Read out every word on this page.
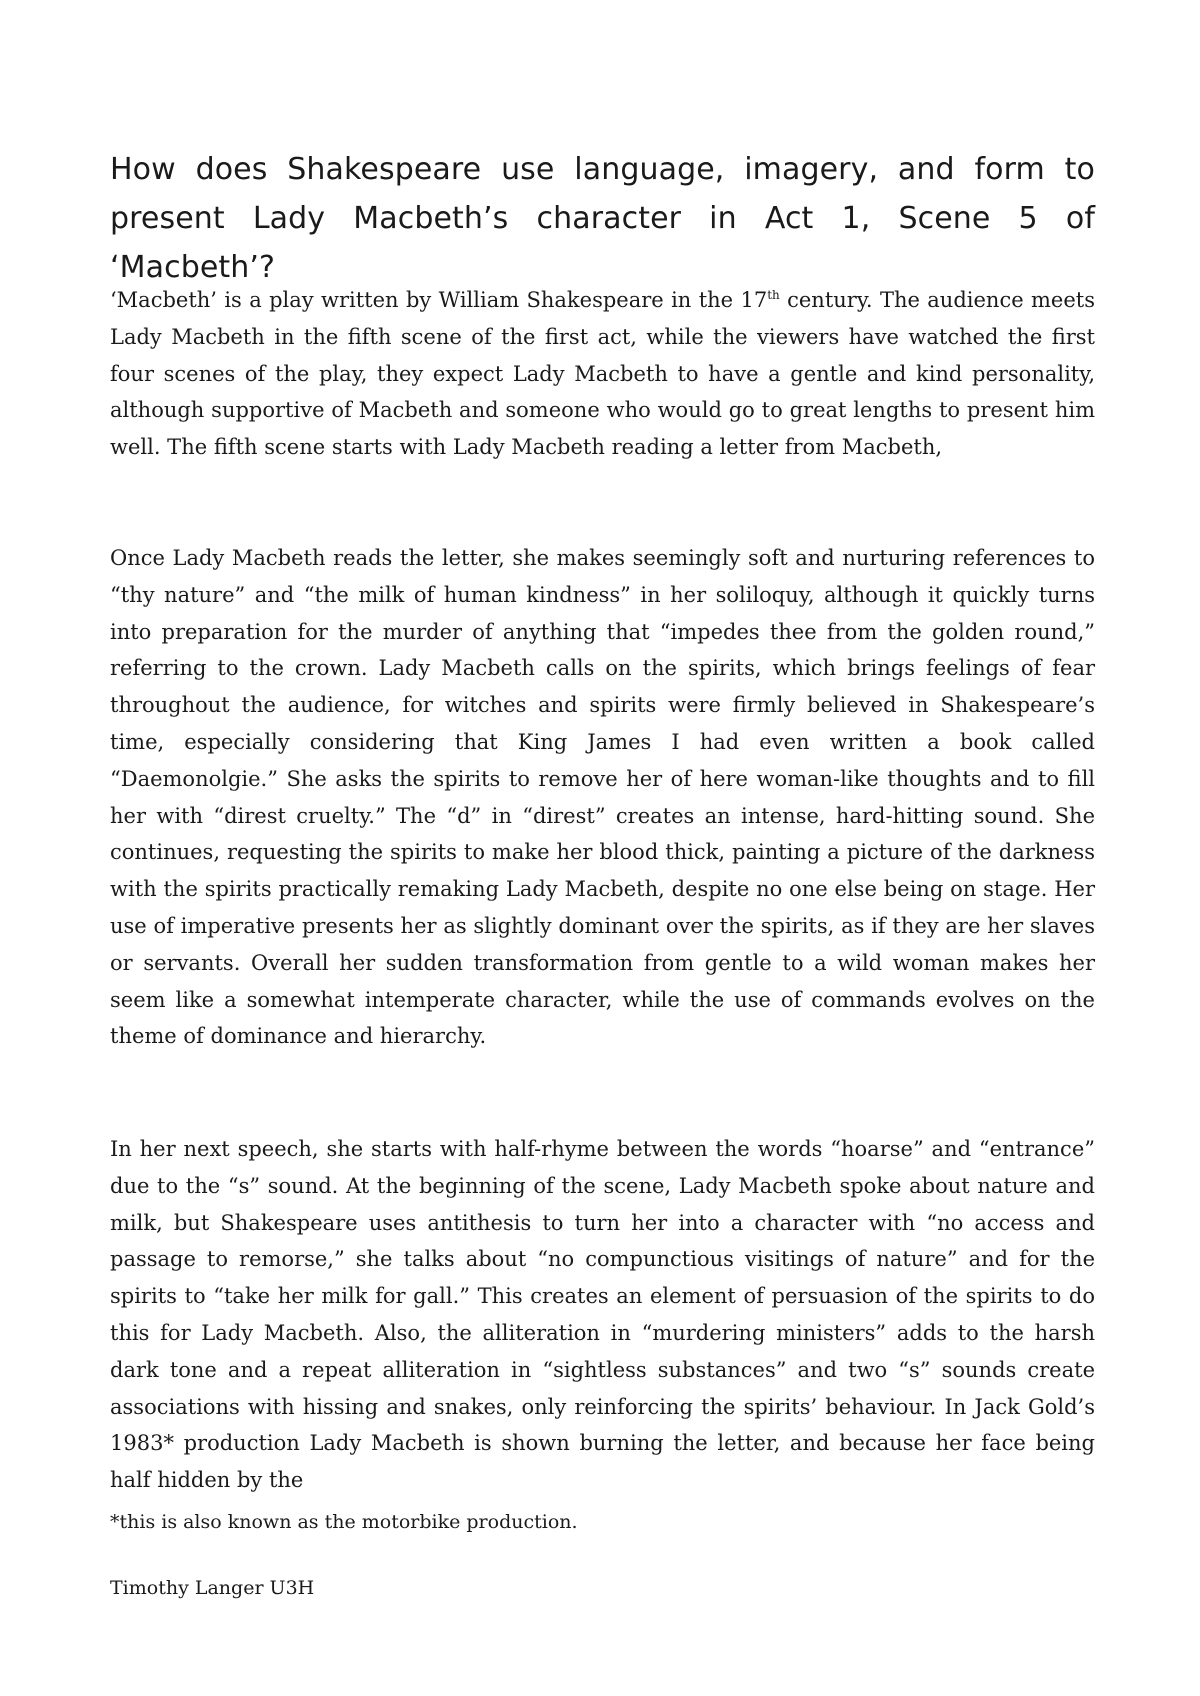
How does Shakespeare use language, imagery, and form to present Lady Macbeth’s character in Act 1, Scene 5 of ‘Macbeth’?

‘Macbeth’ is a play written by William Shakespeare in the 17th century. The audience meets Lady Macbeth in the fifth scene of the first act, while the viewers have watched the first four scenes of the play, they expect Lady Macbeth to have a gentle and kind personality, although supportive of Macbeth and someone who would go to great lengths to present him well. The fifth scene starts with Lady Macbeth reading a letter from Macbeth,

Once Lady Macbeth reads the letter, she makes seemingly soft and nurturing references to “thy nature” and “the milk of human kindness” in her soliloquy, although it quickly turns into preparation for the murder of anything that “impedes thee from the golden round,” referring to the crown. Lady Macbeth calls on the spirits, which brings feelings of fear throughout the audience, for witches and spirits were firmly believed in Shakespeare’s time, especially considering that King James I had even written a book called “Daemonolgie.” She asks the spirits to remove her of here woman-like thoughts and to fill her with “direst cruelty.” The “d” in “direst” creates an intense, hard-hitting sound. She continues, requesting the spirits to make her blood thick, painting a picture of the darkness with the spirits practically remaking Lady Macbeth, despite no one else being on stage. Her use of imperative presents her as slightly dominant over the spirits, as if they are her slaves or servants. Overall her sudden transformation from gentle to a wild woman makes her seem like a somewhat intemperate character, while the use of commands evolves on the theme of dominance and hierarchy.

In her next speech, she starts with half-rhyme between the words “hoarse” and “entrance” due to the “s” sound. At the beginning of the scene, Lady Macbeth spoke about nature and milk, but Shakespeare uses antithesis to turn her into a character with “no access and passage to remorse,” she talks about “no compunctious visitings of nature” and for the spirits to “take her milk for gall.” This creates an element of persuasion of the spirits to do this for Lady Macbeth. Also, the alliteration in “murdering ministers” adds to the harsh dark tone and a repeat alliteration in “sightless substances” and two “s” sounds create associations with hissing and snakes, only reinforcing the spirits’ behaviour. In Jack Gold’s 1983* production Lady Macbeth is shown burning the letter, and because her face being half hidden by the

*this is also known as the motorbike production.

Timothy Langer U3H
